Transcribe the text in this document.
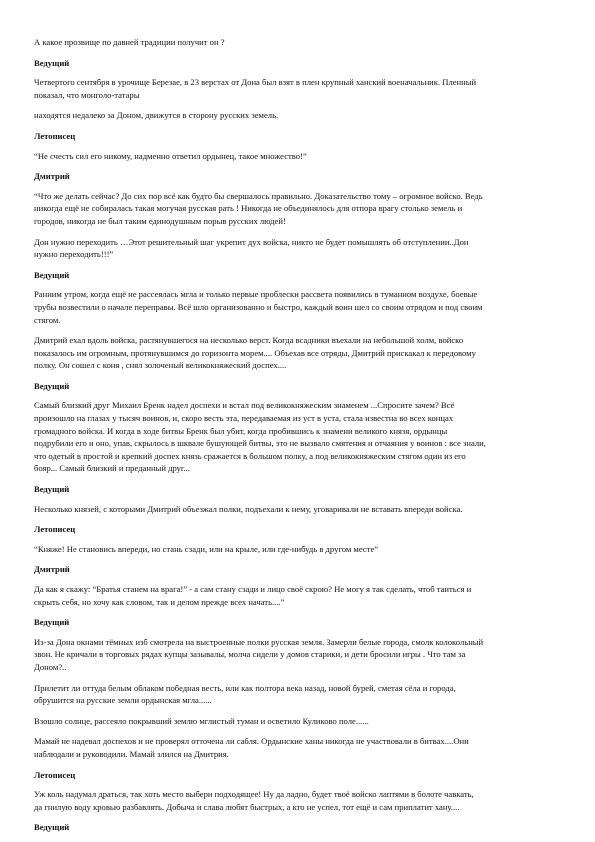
А какое прозвище по давней традиции получит он ?

Ведущий

Четвертого сентября в урочище Березае, в 23 верстах от Дона был взят в плен крупный ханский военачальник. Пленный
показал, что монголо-татары

находятся недалеко за Доном, движутся в сторону русских земель.

Летописец

“Не счесть сил его никому, надменно ответил ордынец, такое множество!”

Дмитрий

“Что же делать сейчас? До сих пор всё как будто бы свершалось правильно. Доказательство тому – огромное войско. Ведь
никогда ещё не собиралась такая могучая русская рать ! Никогда не объединялось для отпора врагу столько земель и
городов, никогда не был таким единодушным порыв русских людей!

Дон нужно переходить …Этот решительный шаг укрепит дух войска, никто не будет помышлять об отступлении..Дон
нужно переходить!!!”

Ведущий

Ранним утром, когда ещё не рассеялась мгла и только первые проблески рассвета появились в туманном воздухе, боевые
трубы возвестили о начале переправы. Всё шло организованно и быстро, каждый воин шел со своим отрядом и под своим
стягом.

Дмитрий ехал вдоль войска, растянувшегося на несколько верст. Когда всадники въехали на небольшой холм, войско
показалось им огромным, протянувшимся до горизонта морем.... Объехав все отряды, Дмитрий прискакал к передовому
полку. Он сошел с коня , снял золоченый великокняжеский доспех....

Ведущий

Самый близкий друг Михаил Бренк надел доспехи и встал под великокняжеским знаменем ...Спросите зачем? Всё
произошло на глазах у тысяч воинов, и, скоро весть эта, передаваемая из уст в уста, стала известна во всех концах
громадного войска. И когда в ходе битвы Бренк был убит, когда пробившись к знамени великого князя, ордынцы
подрубили его и оно, упав, скрылось в шквале бушующей битвы, это не вызвало смятения и отчаяния у воинов : все знали,
что одетый в простой и крепкий доспех князь сражается в большом полку, а под великокняжеским стягом один из его
бояр... Самый близкий и преданный друг...

Ведущий

Несколько князей, с которыми Дмитрий объезжал полки, подъехали к нему, уговаривали не вставать впереди войска.

Летописец

“Княже! Не становись впереди, но стань сзади, или на крыле, или где-нибудь в другом месте”

Дмитрий

Да как я скажу: “Братья станем на врага!” - а сам стану сзади и лицо своё скрою? Не могу я так сделать, чтоб таиться и
скрыть себя, но хочу как словом, так и делом прежде всех начать....”

Ведущий

Из-за Дона окнами тёмных изб смотрела на выстроенные полки русская земля. Замерли белые города, смолк колокольный
звон. Не кричали в торговых рядах купцы зазывалы, молча сидели у домов старики, и дети бросили игры . Что там за
Доном?..

Прилетит ли оттуда белым облаком победная весть, или как полтора века назад, новой бурей, сметая сёла и города,
обрушится на русские земли ордынская мгла......

Взошло солнце, рассеяло покрывший землю мглистый туман и осветило Куликово поле......

Мамай не надевал доспехов и не проверял отточена ли сабля. Ордынские ханы никогда не участвовали в битвах....Они
наблюдали и руководили. Мамай злился на Дмитрия.

Летописец

Уж коль надумал драться, так хоть место выбери подходящее! Ну да ладно, будет твоё войско лаптями в болоте чавкать,
да гнилую воду кровью разбавлять. Добыча и слава любят быстрых, а кто не успел, тот ещё и сам приплатит хану....

Ведущий
